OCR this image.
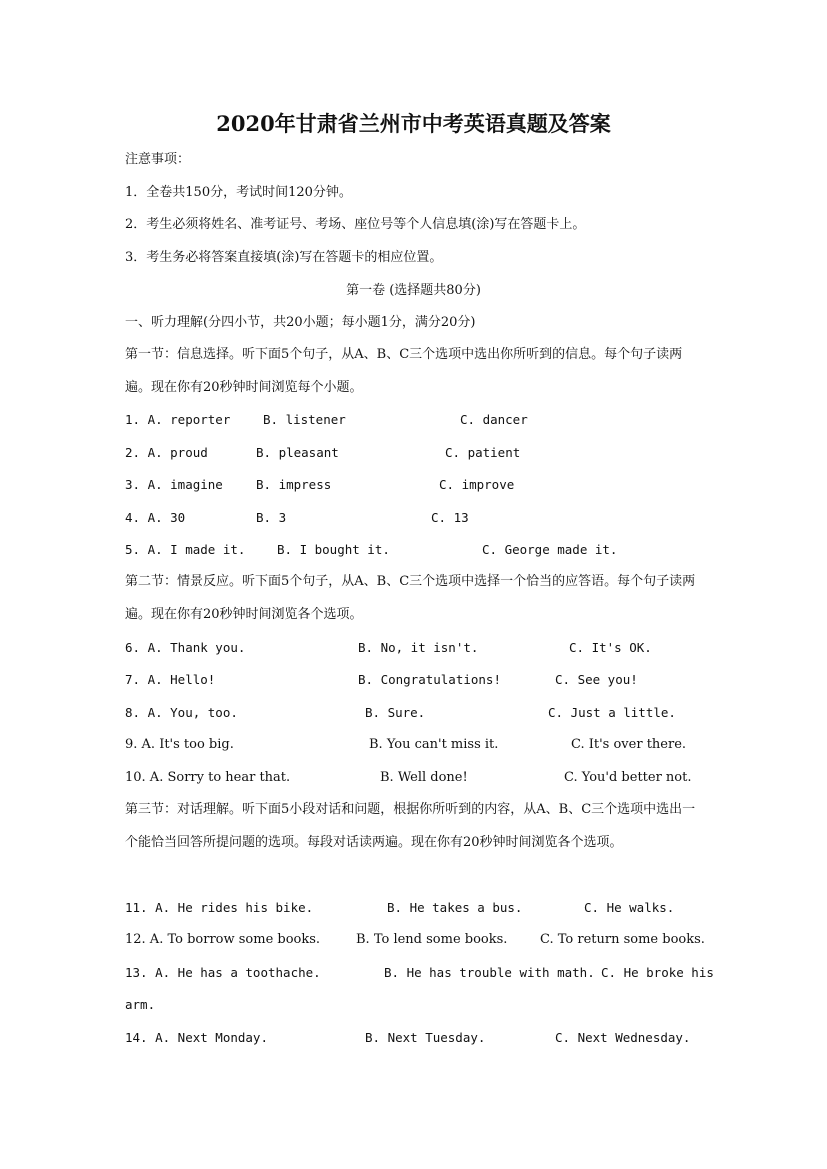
2020年甘肃省兰州市中考英语真题及答案
注意事项：
1．全卷共150分，考试时间120分钟。
2．考生必须将姓名、准考证号、考场、座位号等个人信息填(涂)写在答题卡上。
3．考生务必将答案直接填(涂)写在答题卡的相应位置。
第一卷 (选择题共80分)
一、听力理解(分四小节，共20小题；每小题1分，满分20分)
第一节：信息选择。听下面5个句子，从A、B、C三个选项中选出你所听到的信息。每个句子读两遍。现在你有20秒钟时间浏览每个小题。
1. A. reporter	B. listener	C. dancer
2. A. proud	B. pleasant	C. patient
3. A. imagine	B. impress	C. improve
4. A. 30	B. 3	C. 13
5. A. I made it.	B. I bought it.	C. George made it.
第二节：情景反应。听下面5个句子，从A、B、C三个选项中选择一个恰当的应答语。每个句子读两遍。现在你有20秒钟时间浏览各个选项。
6. A. Thank you.	B. No, it isn't.	C. It's OK.
7. A. Hello!	B. Congratulations!	C. See you!
8. A. You, too.	B. Sure.	C. Just a little.
9. A. It's too big.	B. You can't miss it.	C. It's over there.
10. A. Sorry to hear that.	B. Well done!	C. You'd better not.
第三节：对话理解。听下面5小段对话和问题，根据你所听到的内容，从A、B、C三个选项中选出一个能恰当回答所提问题的选项。每段对话读两遍。现在你有20秒钟时间浏览各个选项。
11. A. He rides his bike.	B. He takes a bus.	C. He walks.
12. A. To borrow some books.	B. To lend some books.	C. To return some books.
13. A. He has a toothache.	B. He has trouble with math. C. He broke his
arm.
14. A. Next Monday.	B. Next Tuesday.	C. Next Wednesday.
